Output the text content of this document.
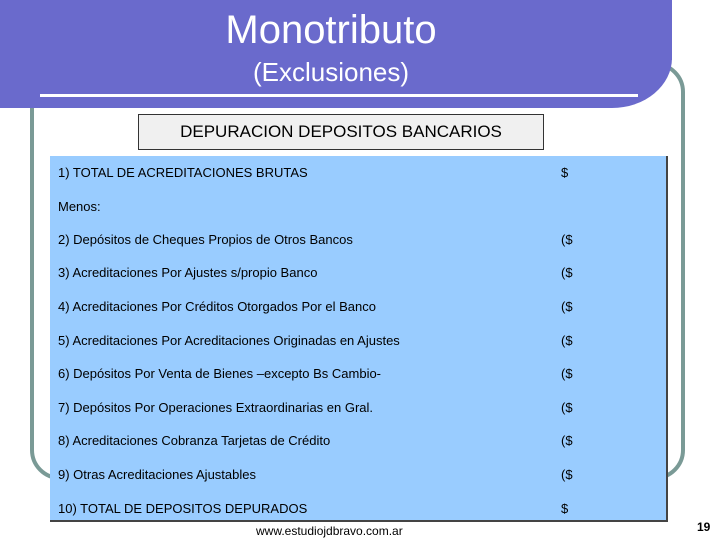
Monotributo
(Exclusiones)
DEPURACION DEPOSITOS BANCARIOS
1) TOTAL DE ACREDITACIONES BRUTAS	$
Menos:
2) Depósitos de Cheques Propios de Otros Bancos	($
3) Acreditaciones Por Ajustes s/propio Banco	($
4) Acreditaciones Por Créditos Otorgados Por el Banco	($
5) Acreditaciones Por Acreditaciones Originadas en Ajustes	($
6) Depósitos Por Venta de Bienes –excepto Bs Cambio-	($
7) Depósitos Por Operaciones Extraordinarias en Gral.	($
8) Acreditaciones Cobranza Tarjetas de Crédito	($
9) Otras Acreditaciones Ajustables	($
10) TOTAL DE DEPOSITOS DEPURADOS	$
www.estudiojdbravo.com.ar	19
